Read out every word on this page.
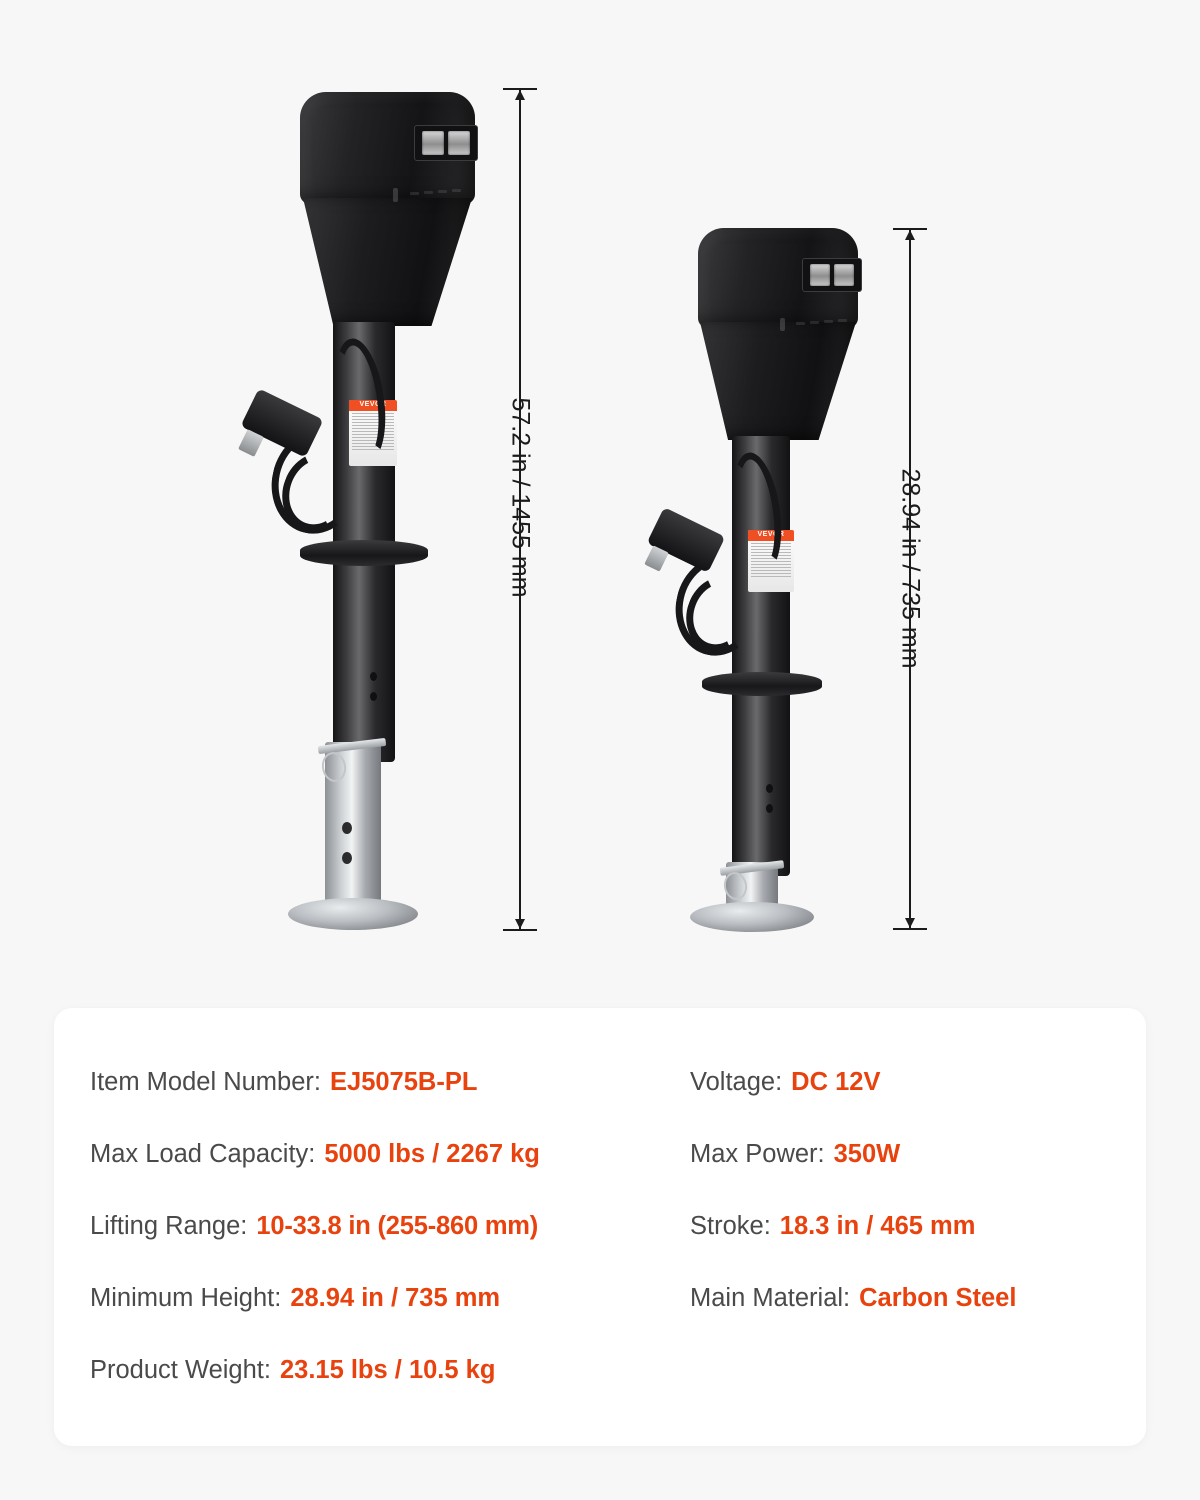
VEVOR	57.2 in / 1455 mm	VEVOR	28.94 in / 735 mm
Item Model Number: EJ5075B-PL	Voltage: DC 12V
Max Load Capacity: 5000 lbs / 2267 kg	Max Power: 350W
Lifting Range: 10-33.8 in (255-860 mm)	Stroke: 18.3 in / 465 mm
Minimum Height: 28.94 in / 735 mm	Main Material: Carbon Steel
Product Weight: 23.15 lbs / 10.5 kg
